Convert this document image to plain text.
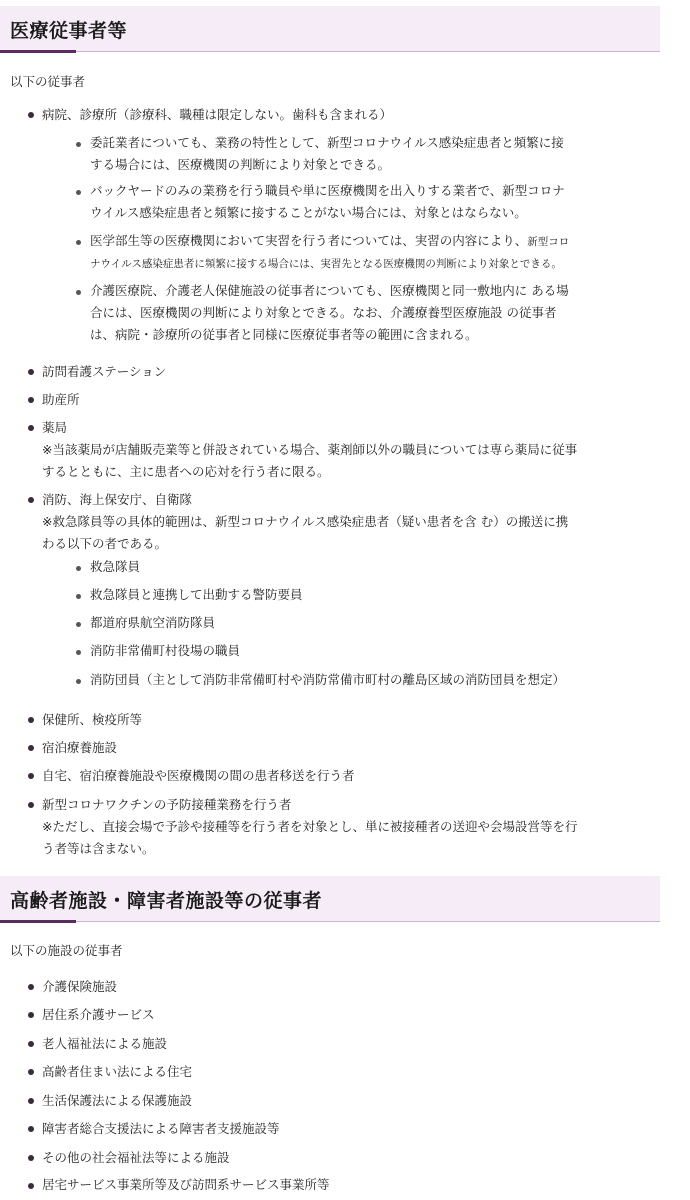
医療従事者等
以下の従事者
病院、診療所（診療科、職種は限定しない。歯科も含まれる）
委託業者についても、業務の特性として、新型コロナウイルス感染症患者と頻繁に接
する場合には、医療機関の判断により対象とできる。
バックヤードのみの業務を行う職員や単に医療機関を出入りする業者で、新型コロナ
ウイルス感染症患者と頻繁に接することがない場合には、対象とはならない。
医学部生等の医療機関において実習を行う者については、実習の内容により、新型コロ
ナウイルス感染症患者に頻繁に接する場合には、実習先となる医療機関の判断により対象とできる。
介護医療院、介護老人保健施設の従事者についても、医療機関と同一敷地内に ある場
合には、医療機関の判断により対象とできる。なお、介護療養型医療施設 の従事者
は、病院・診療所の従事者と同様に医療従事者等の範囲に含まれる。
訪問看護ステーション
助産所
薬局
※当該薬局が店舗販売業等と併設されている場合、薬剤師以外の職員については専ら薬局に従事
するとともに、主に患者への応対を行う者に限る。
消防、海上保安庁、自衛隊
※救急隊員等の具体的範囲は、新型コロナウイルス感染症患者（疑い患者を含 む）の搬送に携
わる以下の者である。
救急隊員
救急隊員と連携して出動する警防要員
都道府県航空消防隊員
消防非常備町村役場の職員
消防団員（主として消防非常備町村や消防常備市町村の離島区域の消防団員を想定）
保健所、検疫所等
宿泊療養施設
自宅、宿泊療養施設や医療機関の間の患者移送を行う者
新型コロナワクチンの予防接種業務を行う者
※ただし、直接会場で予診や接種等を行う者を対象とし、単に被接種者の送迎や会場設営等を行
う者等は含まない。
高齢者施設・障害者施設等の従事者
以下の施設の従事者
介護保険施設
居住系介護サービス
老人福祉法による施設
高齢者住まい法による住宅
生活保護法による保護施設
障害者総合支援法による障害者支援施設等
その他の社会福祉法等による施設
居宅サービス事業所等及び訪問系サービス事業所等
